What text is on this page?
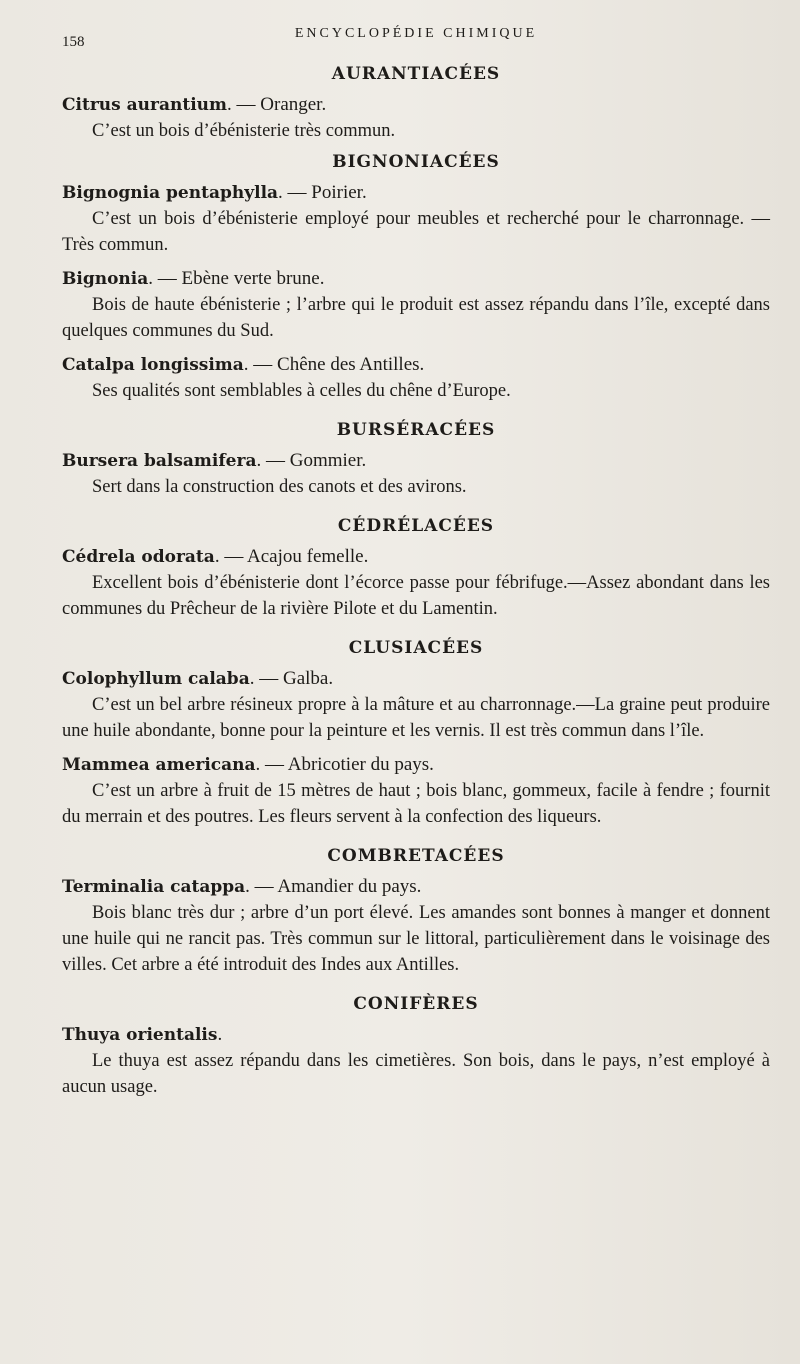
158
ENCYCLOPÉDIE CHIMIQUE
AURANTIACÉES

Citrus aurantium. — Oranger.

C’est un bois d’ébénisterie très commun.

BIGNONIACÉES

Bignognia pentaphylla. — Poirier.

C’est un bois d’ébénisterie employé pour meubles et recherché pour le charronnage. — Très commun.

Bignonia. — Ebène verte brune.

Bois de haute ébénisterie ; l’arbre qui le produit est assez répandu dans l’île, excepté dans quelques communes du Sud.

Catalpa longissima. — Chêne des Antilles.

Ses qualités sont semblables à celles du chêne d’Europe.

BURSÉRACÉES

Bursera balsamifera. — Gommier.

Sert dans la construction des canots et des avirons.

CÉDRÉLACÉES

Cédrela odorata. — Acajou femelle.

Excellent bois d’ébénisterie dont l’écorce passe pour fébrifuge.—Assez abondant dans les communes du Prêcheur de la rivière Pilote et du Lamentin.

CLUSIACÉES

Colophyllum calaba. — Galba.

C’est un bel arbre résineux propre à la mâture et au charronnage.—La graine peut produire une huile abondante, bonne pour la peinture et les vernis. Il est très commun dans l’île.

Mammea americana. — Abricotier du pays.

C’est un arbre à fruit de 15 mètres de haut ; bois blanc, gommeux, facile à fendre ; fournit du merrain et des poutres. Les fleurs servent à la confection des liqueurs.

COMBRETACÉES

Terminalia catappa. — Amandier du pays.

Bois blanc très dur ; arbre d’un port élevé. Les amandes sont bonnes à manger et donnent une huile qui ne rancit pas. Très commun sur le littoral, particulièrement dans le voisinage des villes. Cet arbre a été introduit des Indes aux Antilles.

CONIFÈRES

Thuya orientalis.

Le thuya est assez répandu dans les cimetières. Son bois, dans le pays, n’est employé à aucun usage.
